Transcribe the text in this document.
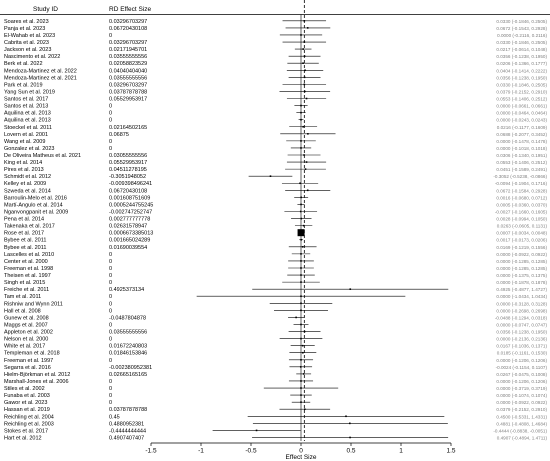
Study ID	RD Effect Size
Soares et al. 2023	0.03296703297	0.0330 (-0.1846, 0.2505)
Panja et al. 2023	0.06720430108	0.0672 (-0.1543, 0.2928)
El-Wahab et al. 2023	0	0.0000 (-0.2116, 0.2116)
Cabrita et al. 2023	0.03296703297	0.0330 (-0.1846, 0.2505)
Jackson et al. 2023	0.02171945701	0.0217 (-0.0614, 0.1048)
Nascimento et al. 2022	0.03555555556	0.0356 (-0.1238, 0.1950)
Berk et al. 2022	0.02058823529	0.0206 (-0.1366, 0.1777)
Mendoza-Martinez et al. 2022	0.04040404040	0.0404 (-0.1414, 0.2222)
Mendoza-Martinez et al. 2021	0.03555555556	0.0356 (-0.1238, 0.1950)
Park et al. 2019	0.03296703297	0.0330 (-0.1846, 0.2505)
Yang Sun et al. 2019	0.03787878788	0.0379 (-0.2152, 0.2910)
Santos et al. 2017	0.05529953917	0.0553 (-0.1406, 0.2512)
Santos et al. 2013	0	0.0000 (-0.0661, 0.0661)
Aquilina et al. 2013	0	0.0000 (-0.0464, 0.0464)
Aquilina et al. 2013	0	0.0000 (-0.0243, 0.0243)
Stoeckel et al. 2011	0.02164502165	0.0216 (-0.1177, 0.1609)
Lovern et al. 2001	0.06875	0.0688 (-0.2077, 0.3452)
Wang et al. 2009	0	0.0000 (-0.1478, 0.1478)
Gonzalez et al. 2023	0	0.0000 (-0.1018, 0.1018)
De Oliveira Matheus et al. 2021	0.03055555556	0.0306 (-0.1340, 0.1951)
King et al. 2014	0.05529953917	0.0553 (-0.1406, 0.2512)
Pires et al. 2013	0.04511278195	0.0451 (-0.1589, 0.2491)
Schmidt et al. 2012	-0.3051948052	-0.3052 (-0.5238, -0.0866)
Kelley et al. 2009	-0.009398496241	-0.0094 (-0.1904, 0.1716)
Szweda et al. 2014	0.06720430108	0.0672 (-0.1584, 0.2928)
Barroulin-Melo et al. 2016	0.001608751609	0.0016 (-0.0680, 0.0712)
Martí-Angulo et al. 2014	0.0005244755245	0.0005 (-0.0360, 0.0370)
Nganvongpanit et al. 2009	-0.002747252747	-0.0027 (-0.1660, 0.1605)
Pena et al. 2014	0.002777777778	0.0028 (-0.0994, 0.1050)
Takenaka et al. 2017	0.02631578947	0.0263 (-0.0605, 0.1131)
Rose et al. 2017	0.0006673385013	0.0007 (-0.0034, 0.0048)
Bybee et al. 2011	0.001665024289	0.0017 (-0.0173, 0.0206)
Bybee et al. 2011	0.01690039554	0.0169 (-0.1219, 0.1556)
Lascelles et al. 2010	0	0.0000 (-0.0922, 0.0922)
Center et al. 2000	0	0.0000 (-0.1285, 0.1285)
Freeman et al. 1998	0	0.0000 (-0.1285, 0.1285)
Theisen et al. 1997	0	0.0000 (-0.1375, 0.1375)
Singh et al. 2015	0	0.0000 (-0.1878, 0.1878)
Freiche et al. 2011	0.4925373134	0.4925 (-0.4877, 1.4727)
Tam et al. 2011	0	0.0000 (-1.0434, 1.0434)
Rishniw and Wynn 2011	0	0.0000 (-0.3128, 0.3128)
Hall et al. 2008	0	0.0000 (-0.2698, 0.2698)
Gunew et al. 2008	-0.0487804878	-0.0488 (-0.1294, 0.0318)
Maggs et al. 2007	0	0.0000 (-0.0747, 0.0747)
Appleton et al. 2002	0.03555555556	0.0356 (-0.1238, 0.1950)
Nelson et al. 2000	0	0.0000 (-0.2136, 0.2136)
White et al. 2017	0.01672240803	0.0167 (-0.1036, 0.1371)
Templeman et al. 2018	0.01846153846	0.0185 (-0.1161, 0.1530)
Freeman et al. 1997	0	0.0000 (-0.1206, 0.1206)
Segarra et al. 2016	-0.002380952381	-0.0024 (-0.1154, 0.1107)
Hielm-Björkman et al. 2012	0.02665165165	0.0267 (-0.0475, 0.1008)
Marshall-Jones et al. 2006	0	0.0000 (-0.1206, 0.1206)
Stiles et al. 2002	0	0.0000 (-0.3719, 0.3719)
Funaba et al. 2003	0	0.0000 (-0.1074, 0.1074)
Gawor et al. 2023	0	0.0000 (-0.0922, 0.0922)
Hassan et al. 2019	0.03787878788	0.0379 (-0.2152, 0.2910)
Reichling et al. 2004	0.45	0.4500 (-0.5331, 1.4331)
Reichling et al. 2003	0.4880952381	0.4881 (-0.4808, 1.4684)
Stokes et al. 2017	-0.4444444444	-0.4444 (-0.8838, -0.0051)
Hart et al. 2012	0.4907407407	0.4907 (-0.4894, 1.4711)
-1.5	-1	-0.5	0	0.5	1	1.5
Effect Size
